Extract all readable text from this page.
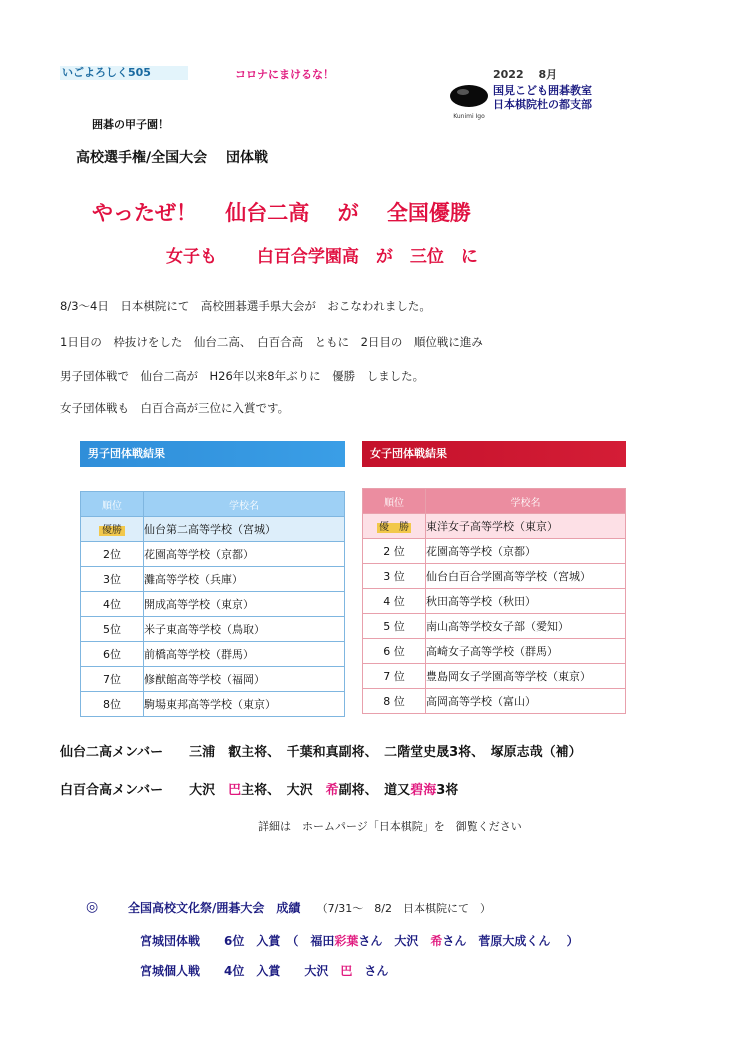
いごよろしく505	コロナにまけるな！	2022　 8月
国見こども囲碁教室
日本棋院杜の都支部
Kunimi Igo
囲碁の甲子園！
高校選手権/全国大会　 団体戦
やったぜ！　 仙台二高　 が　 全国優勝
女子も　　 白百合学園高　が　三位　に
8/3～4日　日本棋院にて　高校囲碁選手県大会が　おこなわれました。
1日目の　枠抜けをした　仙台二高、　白百合高　ともに　2日目の　順位戦に進み
男子団体戦で　仙台二高が　H26年以来8年ぶりに　優勝　しました。
女子団体戦も　白百合高が三位に入賞です。
男子団体戦結果
順位	学校名
優勝	仙台第二高等学校（宮城）
2位	花園高等学校（京都）
3位	灘高等学校（兵庫）
4位	開成高等学校（東京）
5位	米子東高等学校（鳥取）
6位	前橋高等学校（群馬）
7位	修猷館高等学校（福岡）
8位	駒場東邦高等学校（東京）
女子団体戦結果
順位	学校名
優　勝	東洋女子高等学校（東京）
2 位	花園高等学校（京都）
3 位	仙台白百合学園高等学校（宮城）
4 位	秋田高等学校（秋田）
5 位	南山高等学校女子部（愛知）
6 位	高崎女子高等学校（群馬）
7 位	豊島岡女子学園高等学校（東京）
8 位	高岡高等学校（富山）
仙台二高メンバー　　 三浦　叡主将、　千葉和真副将、　二階堂史晟3将、　塚原志哉（補）
白百合高メンバー　　 大沢　巴主将、　大沢　希副将、　道又碧海3将
詳細は　ホームパージ「日本棋院」を　御覧ください
◎ 全国高校文化祭/囲碁大会　成績　 （7/31～　8/2　日本棋院にて　）
宮城団体戦　　6位　入賞　（　福田彩葉さん　大沢　希さん　菅原大成くん　 ）
宮城個人戦　　4位　入賞　　大沢　巴　さん
